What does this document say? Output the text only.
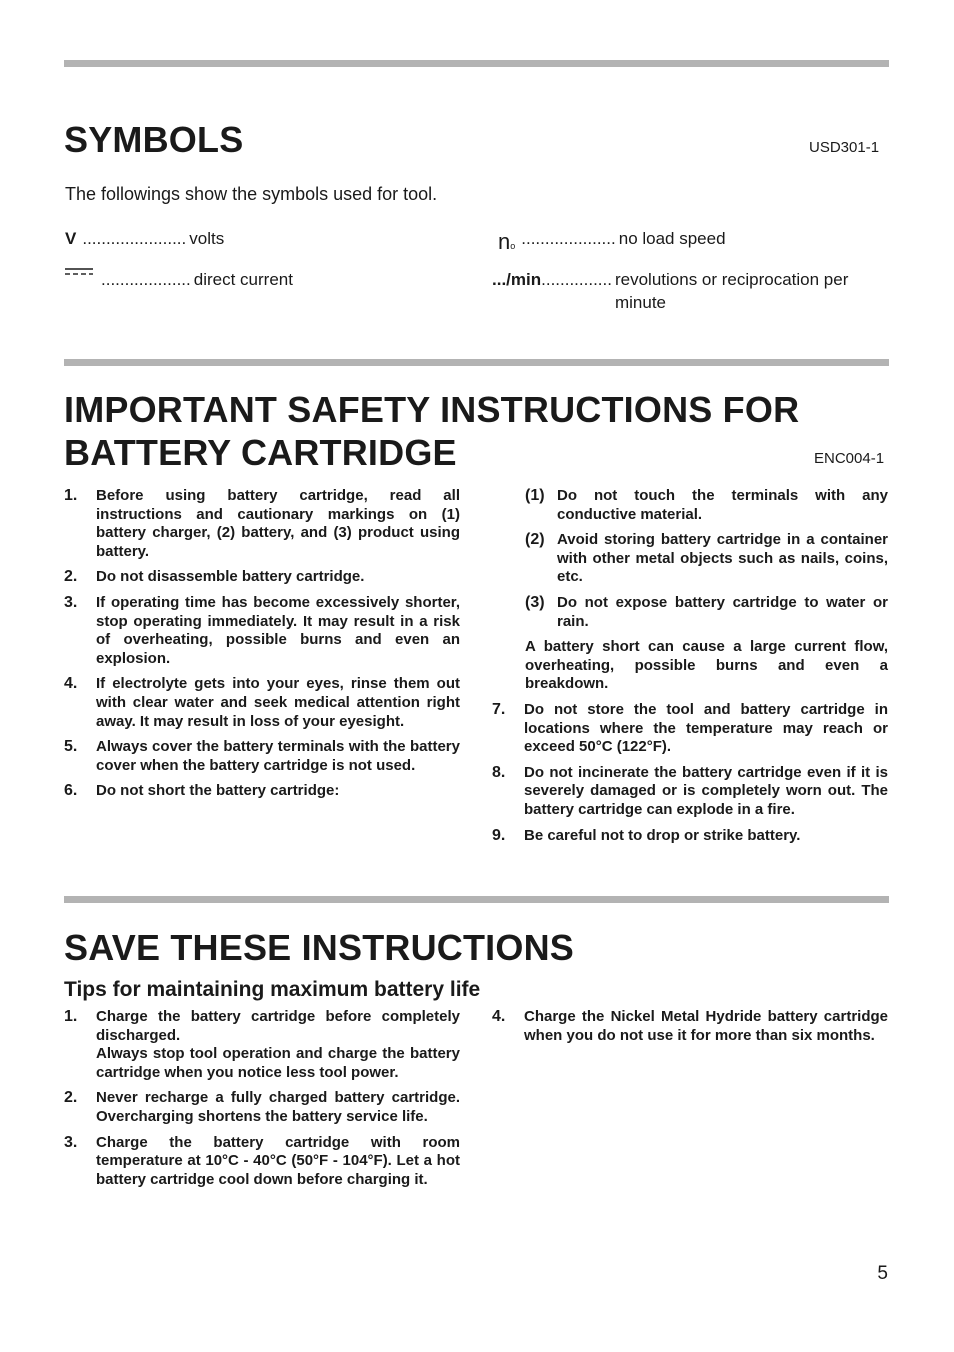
SYMBOLS	USD301-1
The followings show the symbols used for tool.
V ...................... volts
................... direct current
no .................... no load speed
.../min ............... revolutions or reciprocation per minute
IMPORTANT SAFETY INSTRUCTIONS FOR
BATTERY CARTRIDGE	ENC004-1
1.	Before using battery cartridge, read all instructions and cautionary markings on (1) battery charger, (2) battery, and (3) product using battery.
2.	Do not disassemble battery cartridge.
3.	If operating time has become excessively shorter, stop operating immediately. It may result in a risk of overheating, possible burns and even an explosion.
4.	If electrolyte gets into your eyes, rinse them out with clear water and seek medical attention right away. It may result in loss of your eyesight.
5.	Always cover the battery terminals with the battery cover when the battery cartridge is not used.
6.	Do not short the battery cartridge:
(1) Do not touch the terminals with any conductive material.
(2) Avoid storing battery cartridge in a container with other metal objects such as nails, coins, etc.
(3) Do not expose battery cartridge to water or rain.
A battery short can cause a large current flow, overheating, possible burns and even a breakdown.
7.	Do not store the tool and battery cartridge in locations where the temperature may reach or exceed 50°C (122°F).
8.	Do not incinerate the battery cartridge even if it is severely damaged or is completely worn out. The battery cartridge can explode in a fire.
9.	Be careful not to drop or strike battery.
SAVE THESE INSTRUCTIONS
Tips for maintaining maximum battery life
1.	Charge the battery cartridge before completely discharged.
Always stop tool operation and charge the battery cartridge when you notice less tool power.
2.	Never recharge a fully charged battery cartridge. Overcharging shortens the battery service life.
3.	Charge the battery cartridge with room temperature at 10°C - 40°C (50°F - 104°F). Let a hot battery cartridge cool down before charging it.
4.	Charge the Nickel Metal Hydride battery cartridge when you do not use it for more than six months.
5
